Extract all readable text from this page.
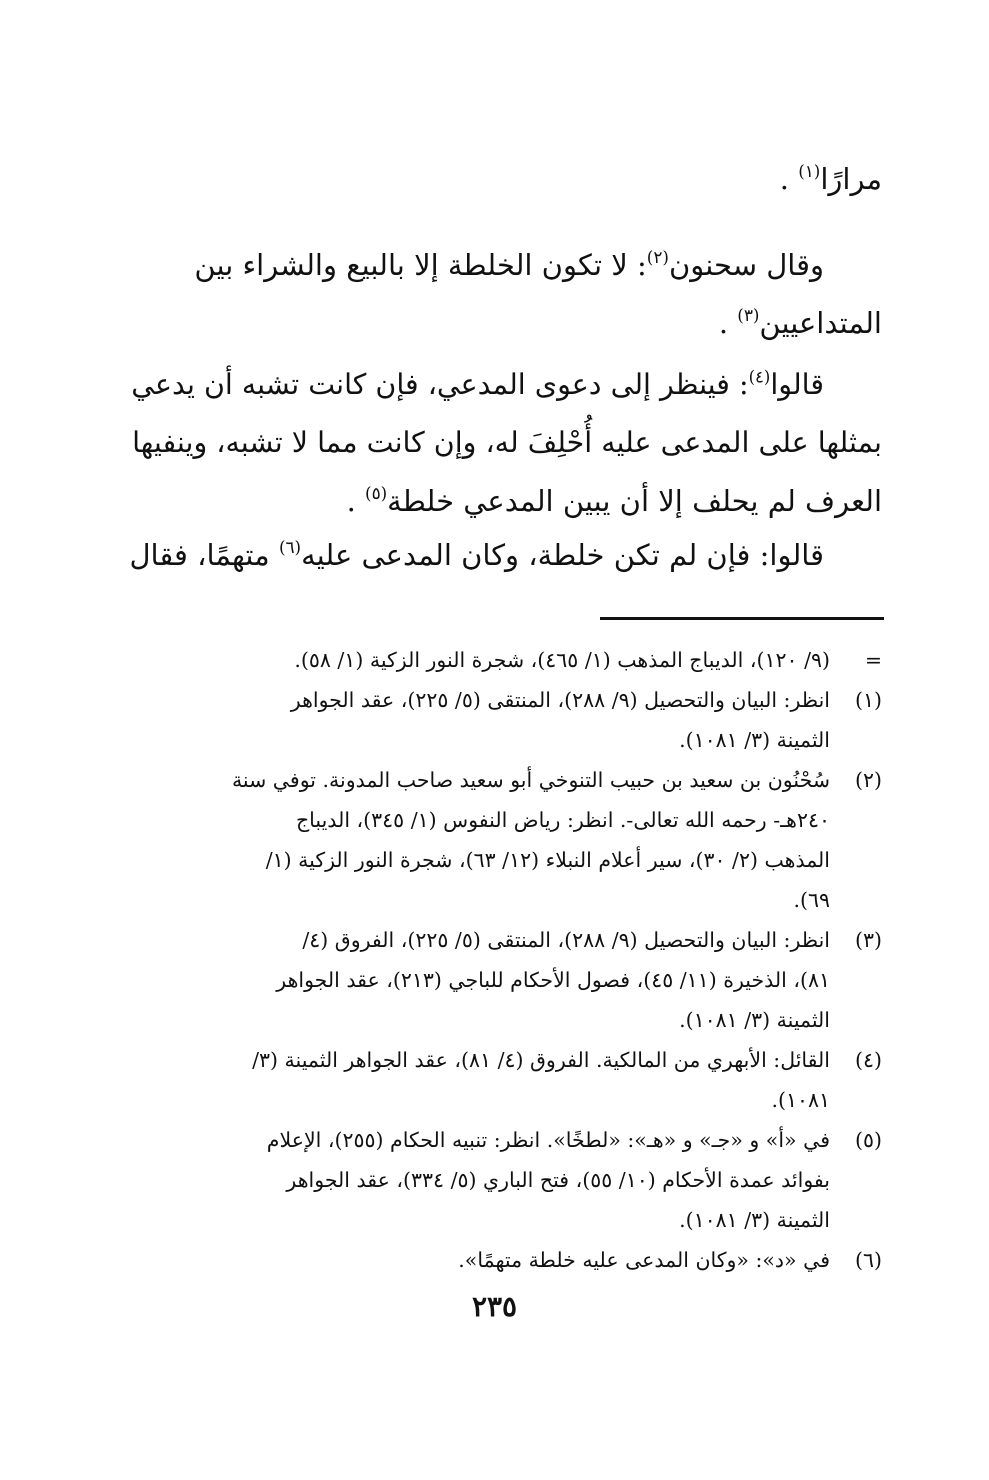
مرارًا$^{(١)}$ .
وقال سحنون$^{(٢)}$: لا تكون الخلطة إلا بالبيع والشراء بين
المتداعيين$^{(٣)}$ .
قالوا$^{(٤)}$: فينظر إلى دعوى المدعي، فإن كانت تشبه أن يدعي
بمثلها على المدعى عليه أُحْلِفَ له، وإن كانت مما لا تشبه، وينفيها
العرف لم يحلف إلا أن يبين المدعي خلطة$^{(٥)}$ .
قالوا: فإن لم تكن خلطة، وكان المدعى عليه$^{(٦)}$ متهمًا، فقال
=
(٩/ ١٢٠)، الديباج المذهب (١/ ٤٦٥)، شجرة النور الزكية (١/ ٥٨).
(١)
انظر: البيان والتحصيل (٩/ ٢٨٨)، المنتقى (٥/ ٢٢٥)، عقد الجواهر
الثمينة (٣/ ١٠٨١).
(٢)
سُحْنُون بن سعيد بن حبيب التنوخي أبو سعيد صاحب المدونة. توفي سنة
٢٤٠هـ- رحمه الله تعالى-. انظر: رياض النفوس (١/ ٣٤٥)، الديباج
المذهب (٢/ ٣٠)، سير أعلام النبلاء (١٢/ ٦٣)، شجرة النور الزكية (١/
٦٩).
(٣)
انظر: البيان والتحصيل (٩/ ٢٨٨)، المنتقى (٥/ ٢٢٥)، الفروق (٤/
٨١)، الذخيرة (١١/ ٤٥)، فصول الأحكام للباجي (٢١٣)، عقد الجواهر
الثمينة (٣/ ١٠٨١).
(٤)
القائل: الأبهري من المالكية. الفروق (٤/ ٨١)، عقد الجواهر الثمينة (٣/
١٠٨١).
(٥)
في «أ» و «جـ» و «هـ»: «لطخًا». انظر: تنبيه الحكام (٢٥٥)، الإعلام
بفوائد عمدة الأحكام (١٠/ ٥٥)، فتح الباري (٥/ ٣٣٤)، عقد الجواهر
الثمينة (٣/ ١٠٨١).
(٦)
في «د»: «وكان المدعى عليه خلطة متهمًا».
٢٣٥
